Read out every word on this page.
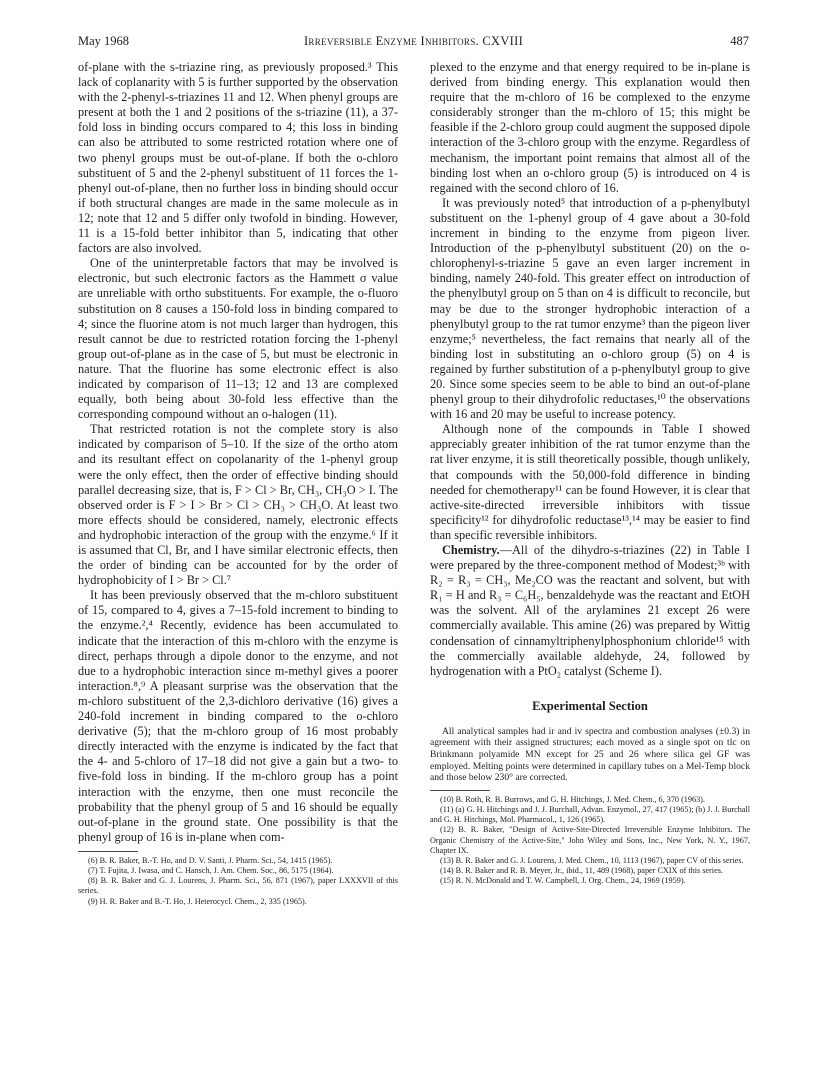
May 1968	Irreversible Enzyme Inhibitors. CXVIII	487

of-plane with the s-triazine ring, as previously proposed.³ This lack of coplanarity with 5 is further supported by the observation with the 2-phenyl-s-triazines 11 and 12. When phenyl groups are present at both the 1 and 2 positions of the s-triazine (11), a 37-fold loss in binding occurs compared to 4; this loss in binding can also be attributed to some restricted rotation where one of two phenyl groups must be out-of-plane. If both the o-chloro substituent of 5 and the 2-phenyl substituent of 11 forces the 1-phenyl out-of-plane, then no further loss in binding should occur if both structural changes are made in the same molecule as in 12; note that 12 and 5 differ only twofold in binding. However, 11 is a 15-fold better inhibitor than 5, indicating that other factors are also involved.

One of the uninterpretable factors that may be involved is electronic, but such electronic factors as the Hammett σ value are unreliable with ortho substituents. For example, the o-fluoro substitution on 8 causes a 150-fold loss in binding compared to 4; since the fluorine atom is not much larger than hydrogen, this result cannot be due to restricted rotation forcing the 1-phenyl group out-of-plane as in the case of 5, but must be electronic in nature. That the fluorine has some electronic effect is also indicated by comparison of 11–13; 12 and 13 are complexed equally, both being about 30-fold less effective than the corresponding compound without an o-halogen (11).

That restricted rotation is not the complete story is also indicated by comparison of 5–10. If the size of the ortho atom and its resultant effect on copolanarity of the 1-phenyl group were the only effect, then the order of effective binding should parallel decreasing size, that is, F > Cl > Br, CH₃, CH₃O > I. The observed order is F > I > Br > Cl > CH₃ > CH₃O. At least two more effects should be considered, namely, electronic effects and hydrophobic interaction of the group with the enzyme.⁶ If it is assumed that Cl, Br, and I have similar electronic effects, then the order of binding can be accounted for by the order of hydrophobicity of I > Br > Cl.⁷

It has been previously observed that the m-chloro substituent of 15, compared to 4, gives a 7–15-fold increment to binding to the enzyme.²,⁴ Recently, evidence has been accumulated to indicate that the interaction of this m-chloro with the enzyme is direct, perhaps through a dipole donor to the enzyme, and not due to a hydrophobic interaction since m-methyl gives a poorer interaction.⁸,⁹ A pleasant surprise was the observation that the m-chloro substituent of the 2,3-dichloro derivative (16) gives a 240-fold increment in binding compared to the o-chloro derivative (5); that the m-chloro group of 16 most probably directly interacted with the enzyme is indicated by the fact that the 4- and 5-chloro of 17–18 did not give a gain but a two- to five-fold loss in binding. If the m-chloro group has a point interaction with the enzyme, then one must reconcile the probability that the phenyl group of 5 and 16 should be equally out-of-plane in the ground state. One possibility is that the phenyl group of 16 is in-plane when com-

(6) B. R. Baker, B.-T. Ho, and D. V. Santi, J. Pharm. Sci., 54, 1415 (1965).

(7) T. Fujita, J. Iwasa, and C. Hansch, J. Am. Chem. Soc., 86, 5175 (1964).

(8) B. R. Baker and G. J. Lourens, J. Pharm. Sci., 56, 871 (1967), paper LXXXVII of this series.

(9) H. R. Baker and B.-T. Ho, J. Heterocycl. Chem., 2, 335 (1965).

plexed to the enzyme and that energy required to be in-plane is derived from binding energy. This explanation would then require that the m-chloro of 16 be complexed to the enzyme considerably stronger than the m-chloro of 15; this might be feasible if the 2-chloro group could augment the supposed dipole interaction of the 3-chloro group with the enzyme. Regardless of mechanism, the important point remains that almost all of the binding lost when an o-chloro group (5) is introduced on 4 is regained with the second chloro of 16.

It was previously noted⁵ that introduction of a p-phenylbutyl substituent on the 1-phenyl group of 4 gave about a 30-fold increment in binding to the enzyme from pigeon liver. Introduction of the p-phenylbutyl substituent (20) on the o-chlorophenyl-s-triazine 5 gave an even larger increment in binding, namely 240-fold. This greater effect on introduction of the phenylbutyl group on 5 than on 4 is difficult to reconcile, but may be due to the stronger hydrophobic interaction of a phenylbutyl group to the rat tumor enzyme³ than the pigeon liver enzyme;⁵ nevertheless, the fact remains that nearly all of the binding lost in substituting an o-chloro group (5) on 4 is regained by further substitution of a p-phenylbutyl group to give 20. Since some species seem to be able to bind an out-of-plane phenyl group to their dihydrofolic reductases,¹⁰ the observations with 16 and 20 may be useful to increase potency.

Although none of the compounds in Table I showed appreciably greater inhibition of the rat tumor enzyme than the rat liver enzyme, it is still theoretically possible, though unlikely, that compounds with the 50,000-fold difference in binding needed for chemotherapy¹¹ can be found However, it is clear that active-site-directed irreversible inhibitors with tissue specificity¹² for dihydrofolic reductase¹³,¹⁴ may be easier to find than specific reversible inhibitors.

Chemistry.—All of the dihydro-s-triazines (22) in Table I were prepared by the three-component method of Modest;³ᵇ with R₂ = R₃ = CH₃, Me₂CO was the reactant and solvent, but with R₁ = H and R₃ = C₆H₅, benzaldehyde was the reactant and EtOH was the solvent. All of the arylamines 21 except 26 were commercially available. This amine (26) was prepared by Wittig condensation of cinnamyltriphenylphosphonium chloride¹⁵ with the commercially available aldehyde, 24, followed by hydrogenation with a PtO₂ catalyst (Scheme I).

Experimental Section

All analytical samples had ir and iv spectra and combustion analyses (±0.3) in agreement with their assigned structures; each moved as a single spot on tlc on Brinkmann polyamide MN except for 25 and 26 where silica gel GF was employed. Melting points were determined in capillary tubes on a Mel-Temp block and those below 230° are corrected.

(10) B. Roth, R. B. Burrows, and G. H. Hitchings, J. Med. Chem., 6, 370 (1963).

(11) (a) G. H. Hitchings and J. J. Burchall, Advan. Enzymol., 27, 417 (1965); (b) J. J. Burchall and G. H. Hitchings, Mol. Pharmacol., 1, 126 (1965).

(12) B. R. Baker, "Design of Active-Site-Directed Irreversible Enzyme Inhibitors. The Organic Chemistry of the Active-Site," John Wiley and Sons, Inc., New York, N. Y., 1967, Chapter IX.

(13) B. R. Baker and G. J. Lourens, J. Med. Chem., 10, 1113 (1967), paper CV of this series.

(14) B. R. Baker and R. B. Meyer, Jr., ibid., 11, 489 (1968), paper CXIX of this series.

(15) R. N. McDonald and T. W. Campbell, J. Org. Chem., 24, 1969 (1959).
